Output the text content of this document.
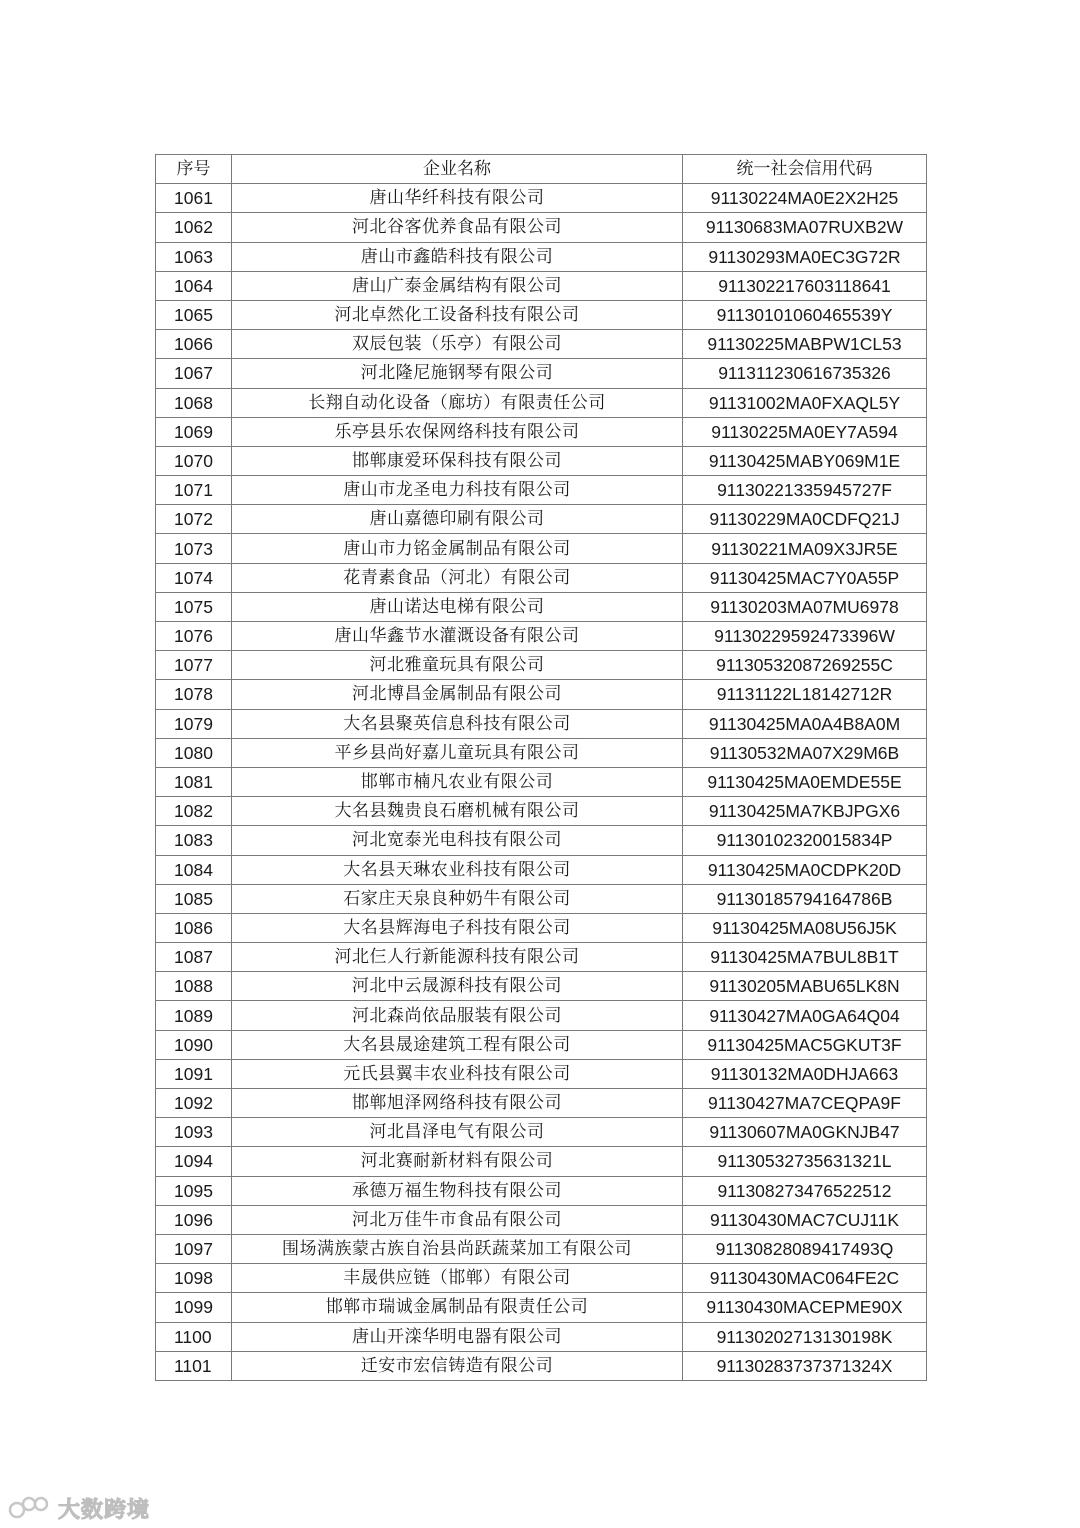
序号	企业名称	统一社会信用代码
1061	唐山华纤科技有限公司	91130224MA0E2X2H25
1062	河北谷客优养食品有限公司	91130683MA07RUXB2W
1063	唐山市鑫皓科技有限公司	91130293MA0EC3G72R
1064	唐山广泰金属结构有限公司	911302217603118641
1065	河北卓然化工设备科技有限公司	91130101060465539Y
1066	双辰包装（乐亭）有限公司	91130225MABPW1CL53
1067	河北隆尼施钢琴有限公司	911311230616735326
1068	长翔自动化设备（廊坊）有限责任公司	91131002MA0FXAQL5Y
1069	乐亭县乐农保网络科技有限公司	91130225MA0EY7A594
1070	邯郸康爱环保科技有限公司	91130425MABY069M1E
1071	唐山市龙圣电力科技有限公司	91130221335945727F
1072	唐山嘉德印刷有限公司	91130229MA0CDFQ21J
1073	唐山市力铭金属制品有限公司	91130221MA09X3JR5E
1074	花青素食品（河北）有限公司	91130425MAC7Y0A55P
1075	唐山诺达电梯有限公司	91130203MA07MU6978
1076	唐山华鑫节水灌溉设备有限公司	91130229592473396W
1077	河北雅童玩具有限公司	91130532087269255C
1078	河北博昌金属制品有限公司	91131122L18142712R
1079	大名县聚英信息科技有限公司	91130425MA0A4B8A0M
1080	平乡县尚好嘉儿童玩具有限公司	91130532MA07X29M6B
1081	邯郸市楠凡农业有限公司	91130425MA0EMDE55E
1082	大名县魏贵良石磨机械有限公司	91130425MA7KBJPGX6
1083	河北宽泰光电科技有限公司	91130102320015834P
1084	大名县天琳农业科技有限公司	91130425MA0CDPK20D
1085	石家庄天泉良种奶牛有限公司	91130185794164786B
1086	大名县辉海电子科技有限公司	91130425MA08U56J5K
1087	河北仨人行新能源科技有限公司	91130425MA7BUL8B1T
1088	河北中云晟源科技有限公司	91130205MABU65LK8N
1089	河北森尚依品服装有限公司	91130427MA0GA64Q04
1090	大名县晟途建筑工程有限公司	91130425MAC5GKUT3F
1091	元氏县翼丰农业科技有限公司	91130132MA0DHJA663
1092	邯郸旭泽网络科技有限公司	91130427MA7CEQPA9F
1093	河北昌泽电气有限公司	91130607MA0GKNJB47
1094	河北赛耐新材料有限公司	91130532735631321L
1095	承德万福生物科技有限公司	911308273476522512
1096	河北万佳牛市食品有限公司	91130430MAC7CUJ11K
1097	围场满族蒙古族自治县尚跃蔬菜加工有限公司	91130828089417493Q
1098	丰晟供应链（邯郸）有限公司	91130430MAC064FE2C
1099	邯郸市瑞诚金属制品有限责任公司	91130430MACEPME90X
1100	唐山开滦华明电器有限公司	91130202713130198K
1101	迁安市宏信铸造有限公司	91130283737371324X
大数跨境
